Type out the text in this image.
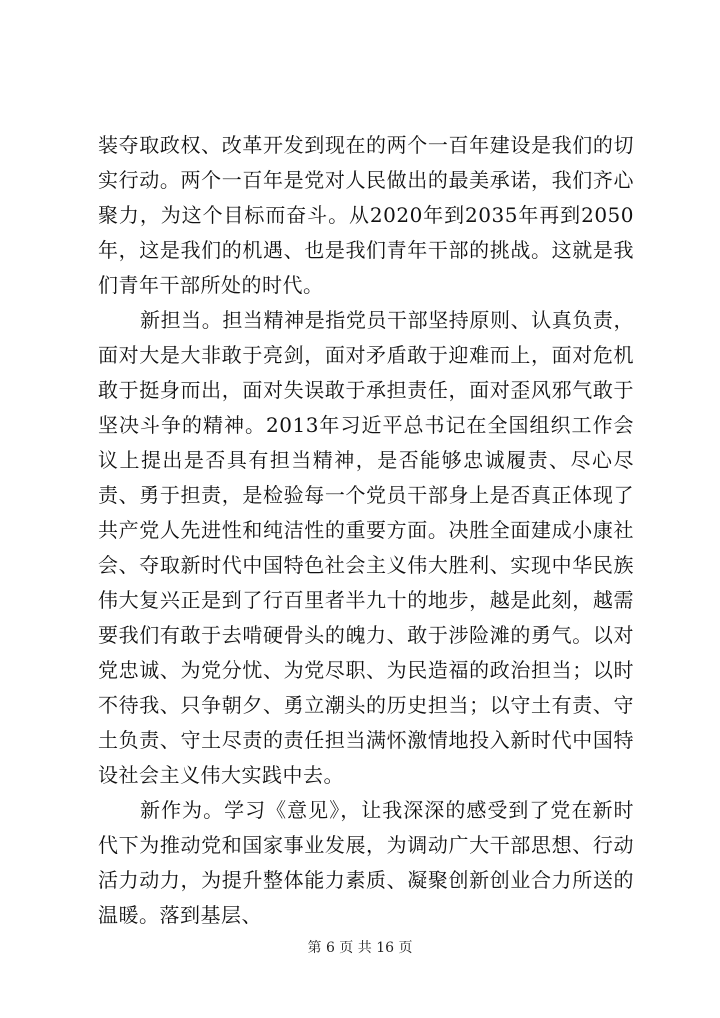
装夺取政权、改革开发到现在的两个一百年建设是我们的切实行动。两个一百年是党对人民做出的最美承诺，我们齐心聚力，为这个目标而奋斗。从2020年到2035年再到2050年，这是我们的机遇、也是我们青年干部的挑战。这就是我们青年干部所处的时代。

新担当。担当精神是指党员干部坚持原则、认真负责，面对大是大非敢于亮剑，面对矛盾敢于迎难而上，面对危机敢于挺身而出，面对失误敢于承担责任，面对歪风邪气敢于坚决斗争的精神。2013年习近平总书记在全国组织工作会议上提出是否具有担当精神，是否能够忠诚履责、尽心尽责、勇于担责，是检验每一个党员干部身上是否真正体现了共产党人先进性和纯洁性的重要方面。决胜全面建成小康社会、夺取新时代中国特色社会主义伟大胜利、实现中华民族伟大复兴正是到了行百里者半九十的地步，越是此刻，越需要我们有敢于去啃硬骨头的魄力、敢于涉险滩的勇气。以对党忠诚、为党分忧、为党尽职、为民造福的政治担当；以时不待我、只争朝夕、勇立潮头的历史担当；以守土有责、守土负责、守土尽责的责任担当满怀激情地投入新时代中国特设社会主义伟大实践中去。

新作为。学习《意见》，让我深深的感受到了党在新时代下为推动党和国家事业发展，为调动广大干部思想、行动活力动力，为提升整体能力素质、凝聚创新创业合力所送的温暖。落到基层、

第 6 页 共 16 页
